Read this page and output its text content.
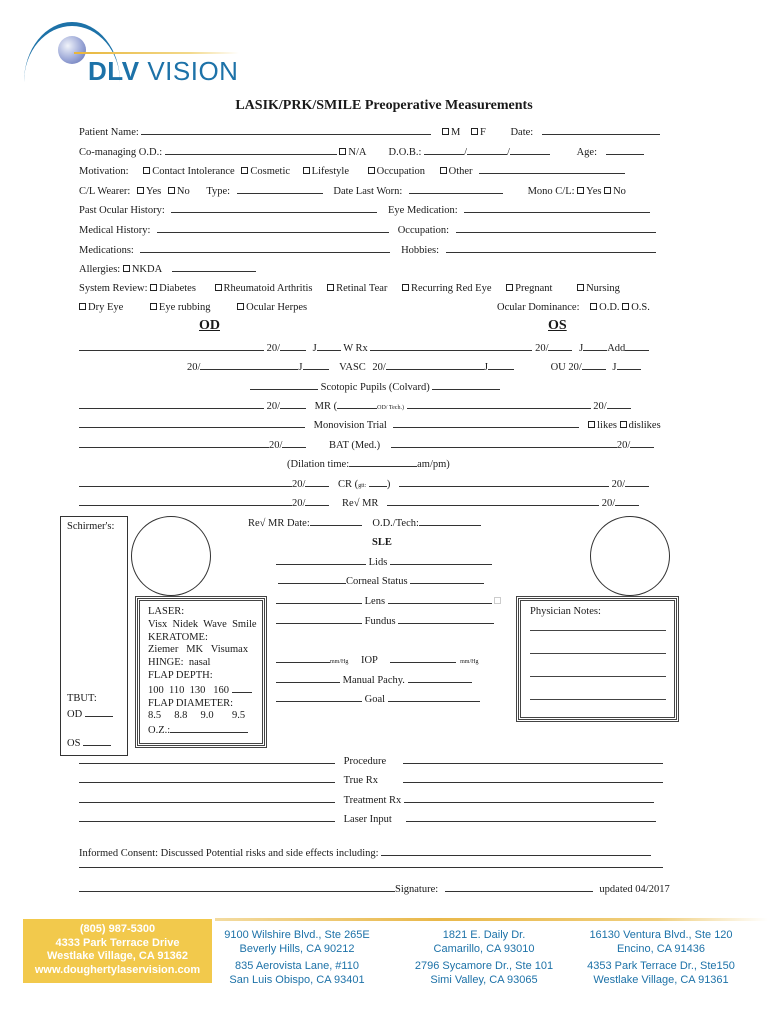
DLV VISION
LASIK/PRK/SMILE Preoperative Measurements
Patient Name:	M F Date:
Co-managing O.D.:	N/A D.O.B.:	/	/	Age:
Motivation: Contact Intolerance Cosmetic Lifestyle	Occupation Other
C/L Wearer: Yes No Type:	Date Last Worn:	Mono C/L: Yes No
Past Ocular History:	Eye Medication:
Medical History:	Occupation:
Medications:	Hobbies:
Allergies: NKDA
System Review: Diabetes	Rheumatoid Arthritis Retinal Tear Recurring Red Eye Pregnant	Nursing
Dry Eye	Eye rubbing	Ocular Herpes	Ocular Dominance: O.D. O.S.
OD	OS
20/	J	W Rx	20/	J Add
20/	J	VASC 20/	J	OU 20/	J
Scotopic Pupils (Colvard)
20/	MR (	OD/ Tech.)	20/
Monovision Trial	likes dislikes
20/	BAT (Med.)	20/
(Dilation time:	am/pm)
20/	CR (gtt: )	20/
20/	Re√ MR	20/
Re√ MR Date:	O.D./Tech:
Schirmer's:
TBUT:
OD
OS
LASER:
Visx  Nidek  Wave  Smile
KERATOME:
Ziemer   MK   Visumax
HINGE:  nasal
FLAP DEPTH:
100  110  130   160
FLAP DIAMETER:
8.5     8.8     9.0       9.5
O.Z.:
SLE
Lids
Corneal Status
Lens
Fundus
mm/Hg IOP	mm/Hg
Manual Pachy.
Goal
Physician Notes:
Procedure
True Rx
Treatment Rx
Laser Input
Informed Consent: Discussed Potential risks and side effects including:
Signature:	updated 04/2017
(805) 987-5300
4333 Park Terrace Drive
Westlake Village, CA 91362
www.doughertylaservision.com
9100 Wilshire Blvd., Ste 265E
Beverly Hills, CA 90212
835 Aerovista Lane, #110
San Luis Obispo, CA 93401
1821 E. Daily Dr.
Camarillo, CA 93010
2796 Sycamore Dr., Ste 101
Simi Valley, CA 93065
16130 Ventura Blvd., Ste 120
Encino, CA 91436
4353 Park Terrace Dr., Ste150
Westlake Village, CA 91361
